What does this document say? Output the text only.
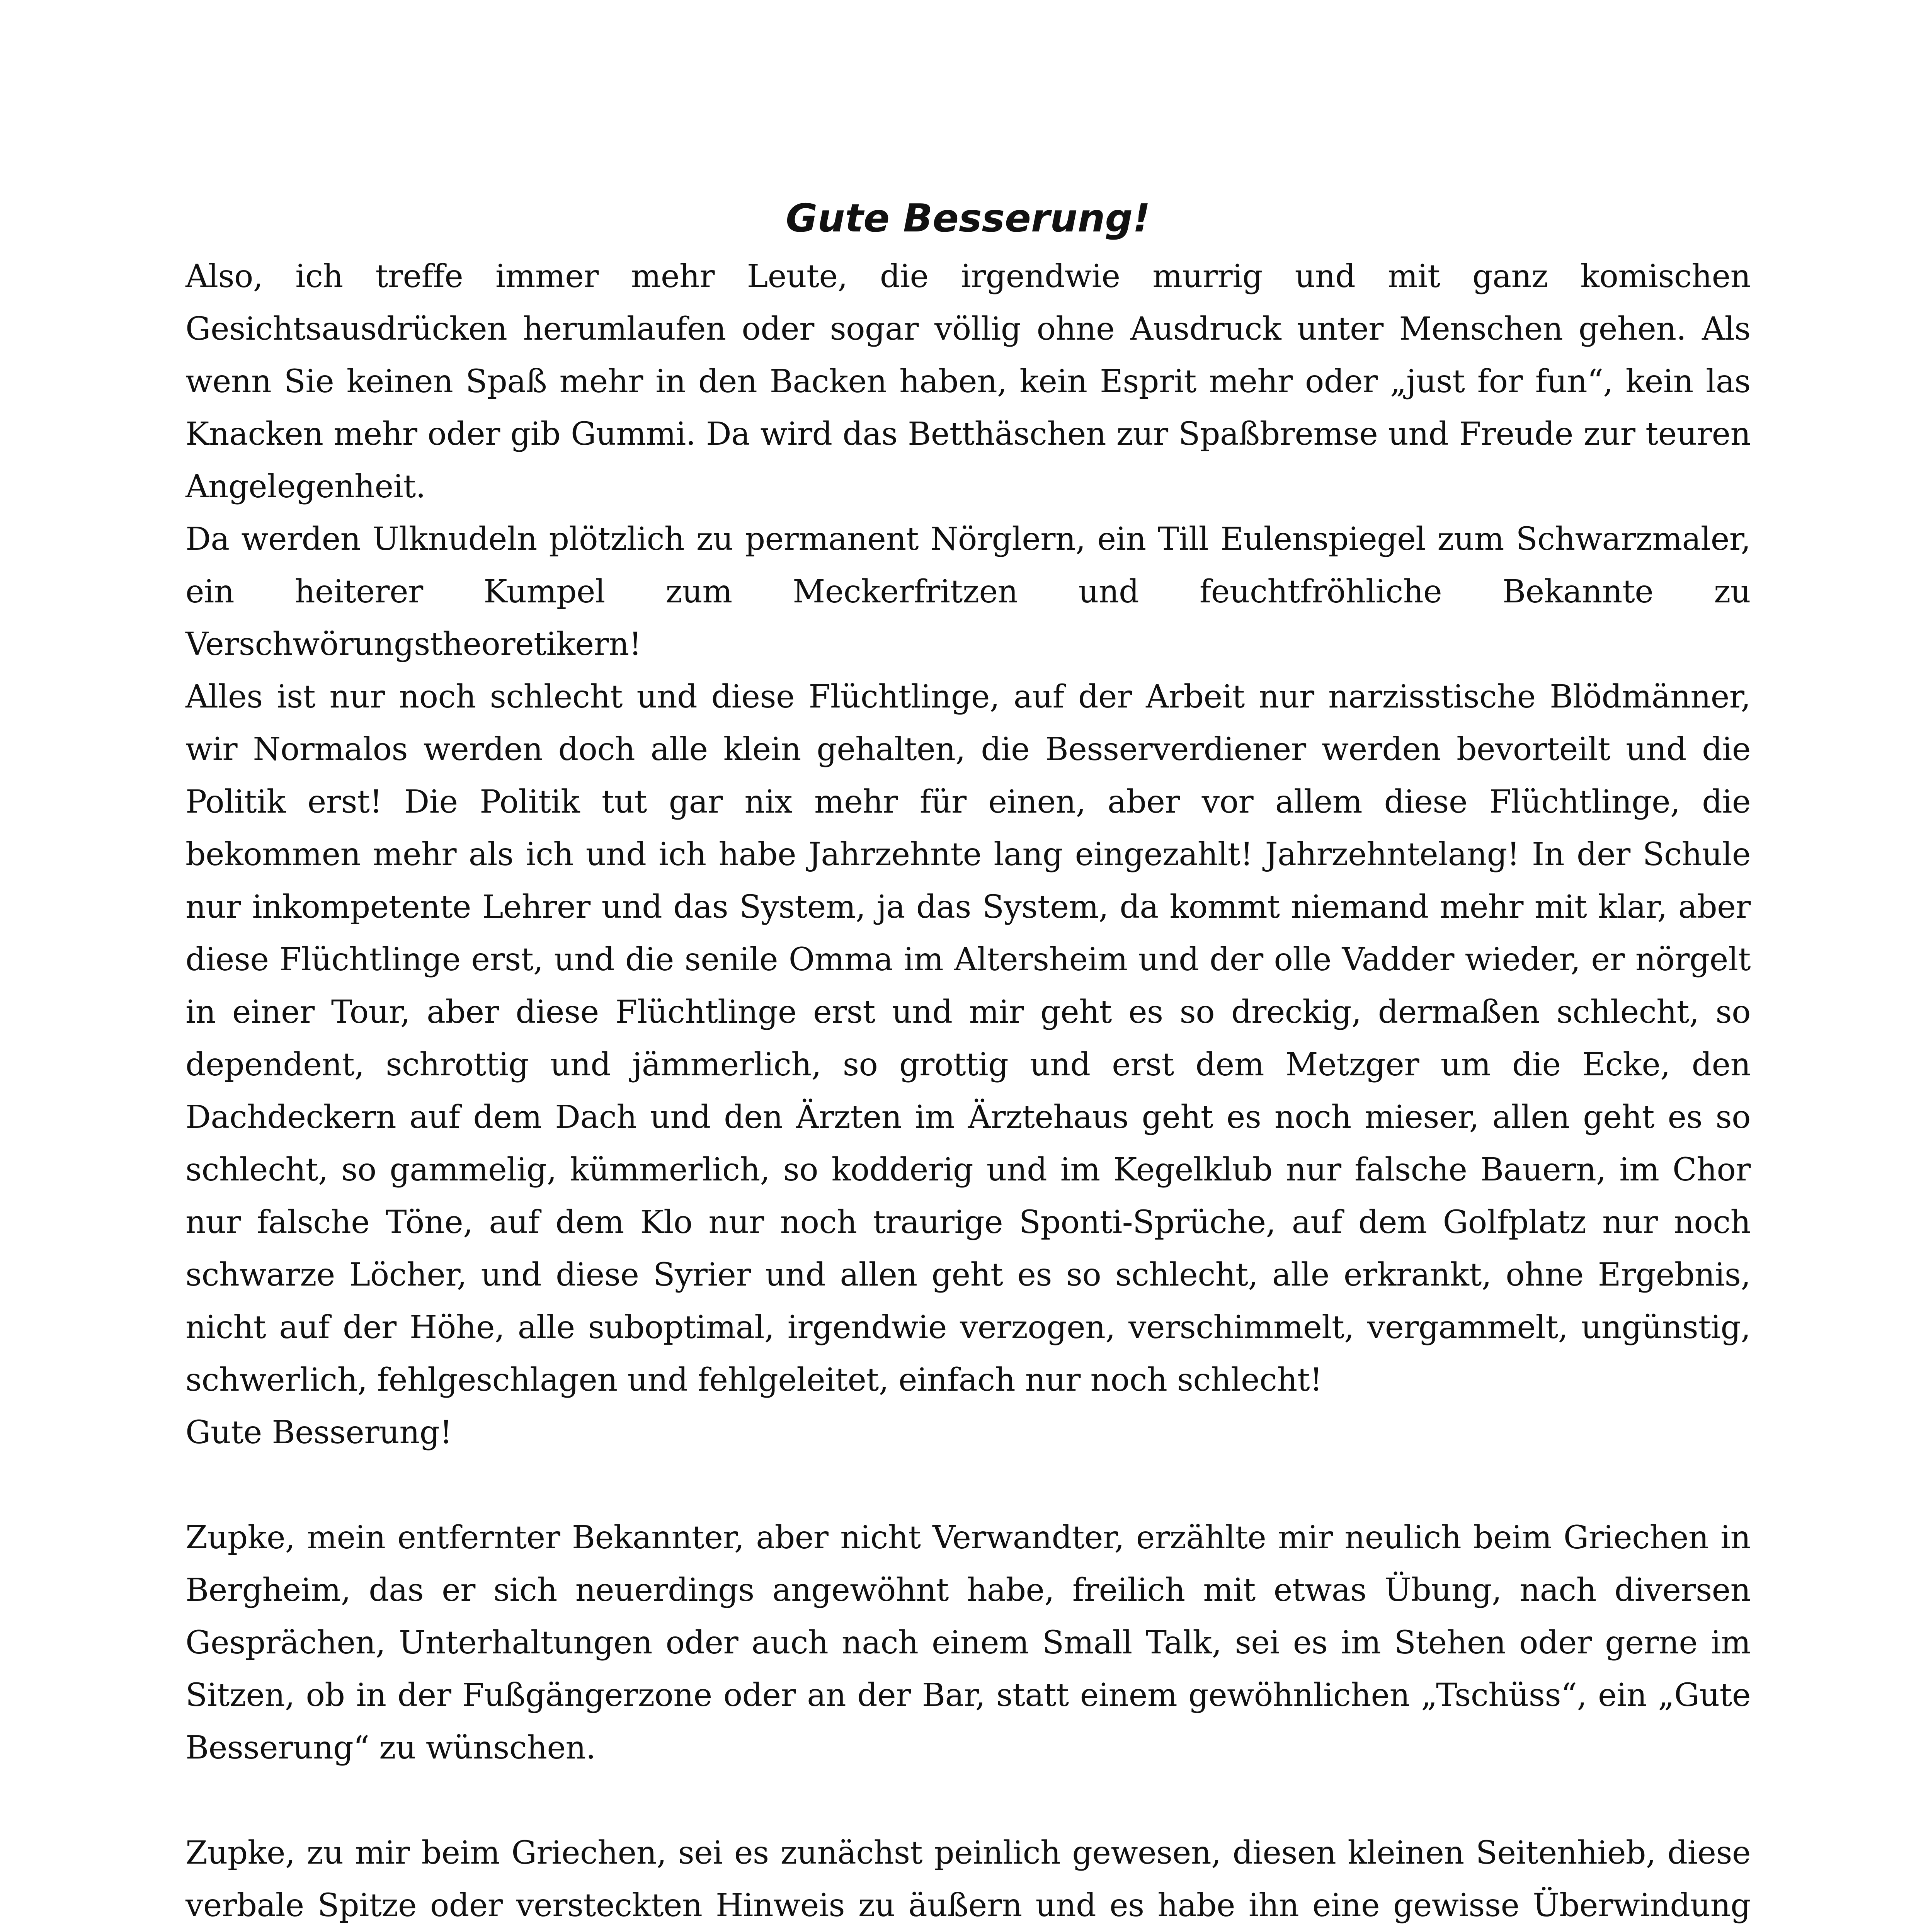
Gute Besserung!

Also, ich treffe immer mehr Leute, die irgendwie murrig und mit ganz komischen Gesichtsausdrücken herumlaufen oder sogar völlig ohne Ausdruck unter Menschen gehen. Als wenn Sie keinen Spaß mehr in den Backen haben, kein Esprit mehr oder „just for fun“, kein las Knacken mehr oder gib Gummi. Da wird das Betthäschen zur Spaßbremse und Freude zur teuren Angelegenheit.

Da werden Ulknudeln plötzlich zu permanent Nörglern, ein Till Eulenspiegel zum Schwarzmaler, ein heiterer Kumpel zum Meckerfritzen und feuchtfröhliche Bekannte zu Verschwörungstheoretikern!

Alles ist nur noch schlecht und diese Flüchtlinge, auf der Arbeit nur narzisstische Blödmänner, wir Normalos werden doch alle klein gehalten, die Besserverdiener werden bevorteilt und die Politik erst! Die Politik tut gar nix mehr für einen, aber vor allem diese Flüchtlinge, die bekommen mehr als ich und ich habe Jahrzehnte lang eingezahlt! Jahrzehntelang! In der Schule nur inkompetente Lehrer und das System, ja das System, da kommt niemand mehr mit klar, aber diese Flüchtlinge erst, und die senile Omma im Altersheim und der olle Vadder wieder, er nörgelt in einer Tour, aber diese Flüchtlinge erst und mir geht es so dreckig, dermaßen schlecht, so dependent, schrottig und jämmerlich, so grottig und erst dem Metzger um die Ecke, den Dachdeckern auf dem Dach und den Ärzten im Ärztehaus geht es noch mieser, allen geht es so schlecht, so gammelig, kümmerlich, so kodderig und im Kegelklub nur falsche Bauern, im Chor nur falsche Töne, auf dem Klo nur noch traurige Sponti-Sprüche, auf dem Golfplatz nur noch schwarze Löcher, und diese Syrier und allen geht es so schlecht, alle erkrankt, ohne Ergebnis, nicht auf der Höhe, alle suboptimal, irgendwie verzogen, verschimmelt, vergammelt, ungünstig, schwerlich, fehlgeschlagen und fehlgeleitet, einfach nur noch schlecht!

Gute Besserung!

Zupke, mein entfernter Bekannter, aber nicht Verwandter, erzählte mir neulich beim Griechen in Bergheim, das er sich neuerdings angewöhnt habe, freilich mit etwas Übung, nach diversen Gesprächen, Unterhaltungen oder auch nach einem Small Talk, sei es im Stehen oder gerne im Sitzen, ob in der Fußgängerzone oder an der Bar, statt einem gewöhnlichen „Tschüss“, ein „Gute Besserung“ zu wünschen.

Zupke, zu mir beim Griechen, sei es zunächst peinlich gewesen, diesen kleinen Seitenhieb, diese verbale Spitze oder versteckten Hinweis zu äußern und es habe ihn eine gewisse Überwindung
